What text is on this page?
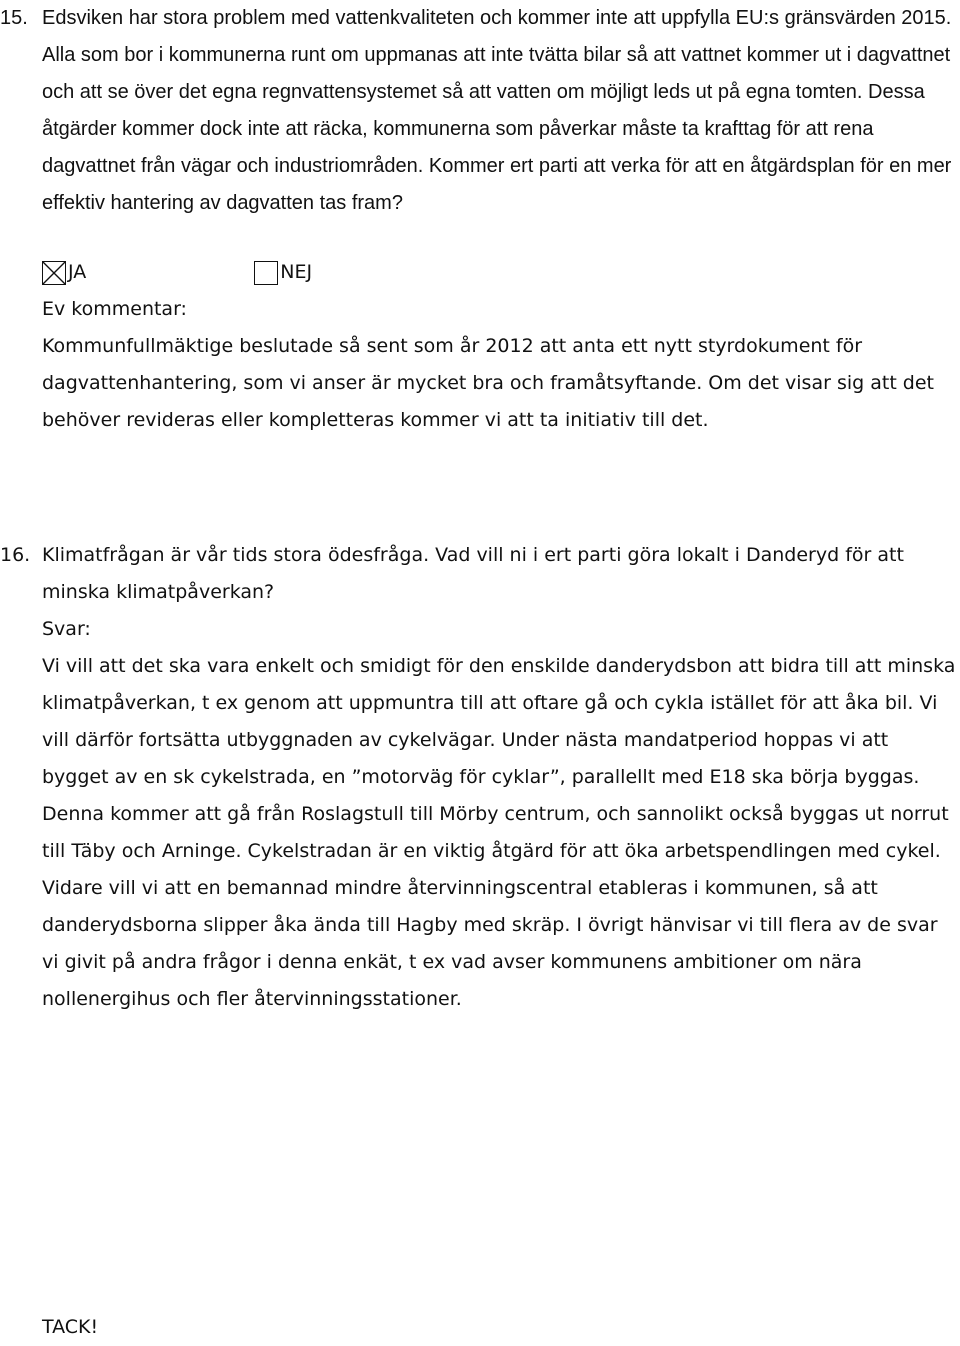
15. Edsviken har stora problem med vattenkvaliteten och kommer inte att uppfylla EU:s gränsvärden 2015. Alla som bor i kommunerna runt om uppmanas att inte tvätta bilar så att vattnet kommer ut i dagvattnet och att se över det egna regnvattensystemet så att vatten om möjligt leds ut på egna tomten. Dessa åtgärder kommer dock inte att räcka, kommunerna som påverkar måste ta krafttag för att rena dagvattnet från vägar och industriområden. Kommer ert parti att verka för att en åtgärdsplan för en mer effektiv hantering av dagvatten tas fram?
JA	NEJ
Ev kommentar:
Kommunfullmäktige beslutade så sent som år 2012 att anta ett nytt styrdokument för dagvattenhantering, som vi anser är mycket bra och framåtsyftande. Om det visar sig att det behöver revideras eller kompletteras kommer vi att ta initiativ till det.
16. Klimatfrågan är vår tids stora ödesfråga. Vad vill ni i ert parti göra lokalt i Danderyd för att minska klimatpåverkan?
Svar:
Vi vill att det ska vara enkelt och smidigt för den enskilde danderydsbon att bidra till att minska klimatpåverkan, t ex genom att uppmuntra till att oftare gå och cykla istället för att åka bil. Vi vill därför fortsätta utbyggnaden av cykelvägar. Under nästa mandatperiod hoppas vi att bygget av en sk cykelstrada, en ”motorväg för cyklar”, parallellt med E18 ska börja byggas. Denna kommer att gå från Roslagstull till Mörby centrum, och sannolikt också byggas ut norrut till Täby och Arninge. Cykelstradan är en viktig åtgärd för att öka arbetspendlingen med cykel. Vidare vill vi att en bemannad mindre återvinningscentral etableras i kommunen, så att danderydsborna slipper åka ända till Hagby med skräp. I övrigt hänvisar vi till flera av de svar vi givit på andra frågor i denna enkät, t ex vad avser kommunens ambitioner om nära nollenergihus och fler återvinningsstationer.
TACK!
